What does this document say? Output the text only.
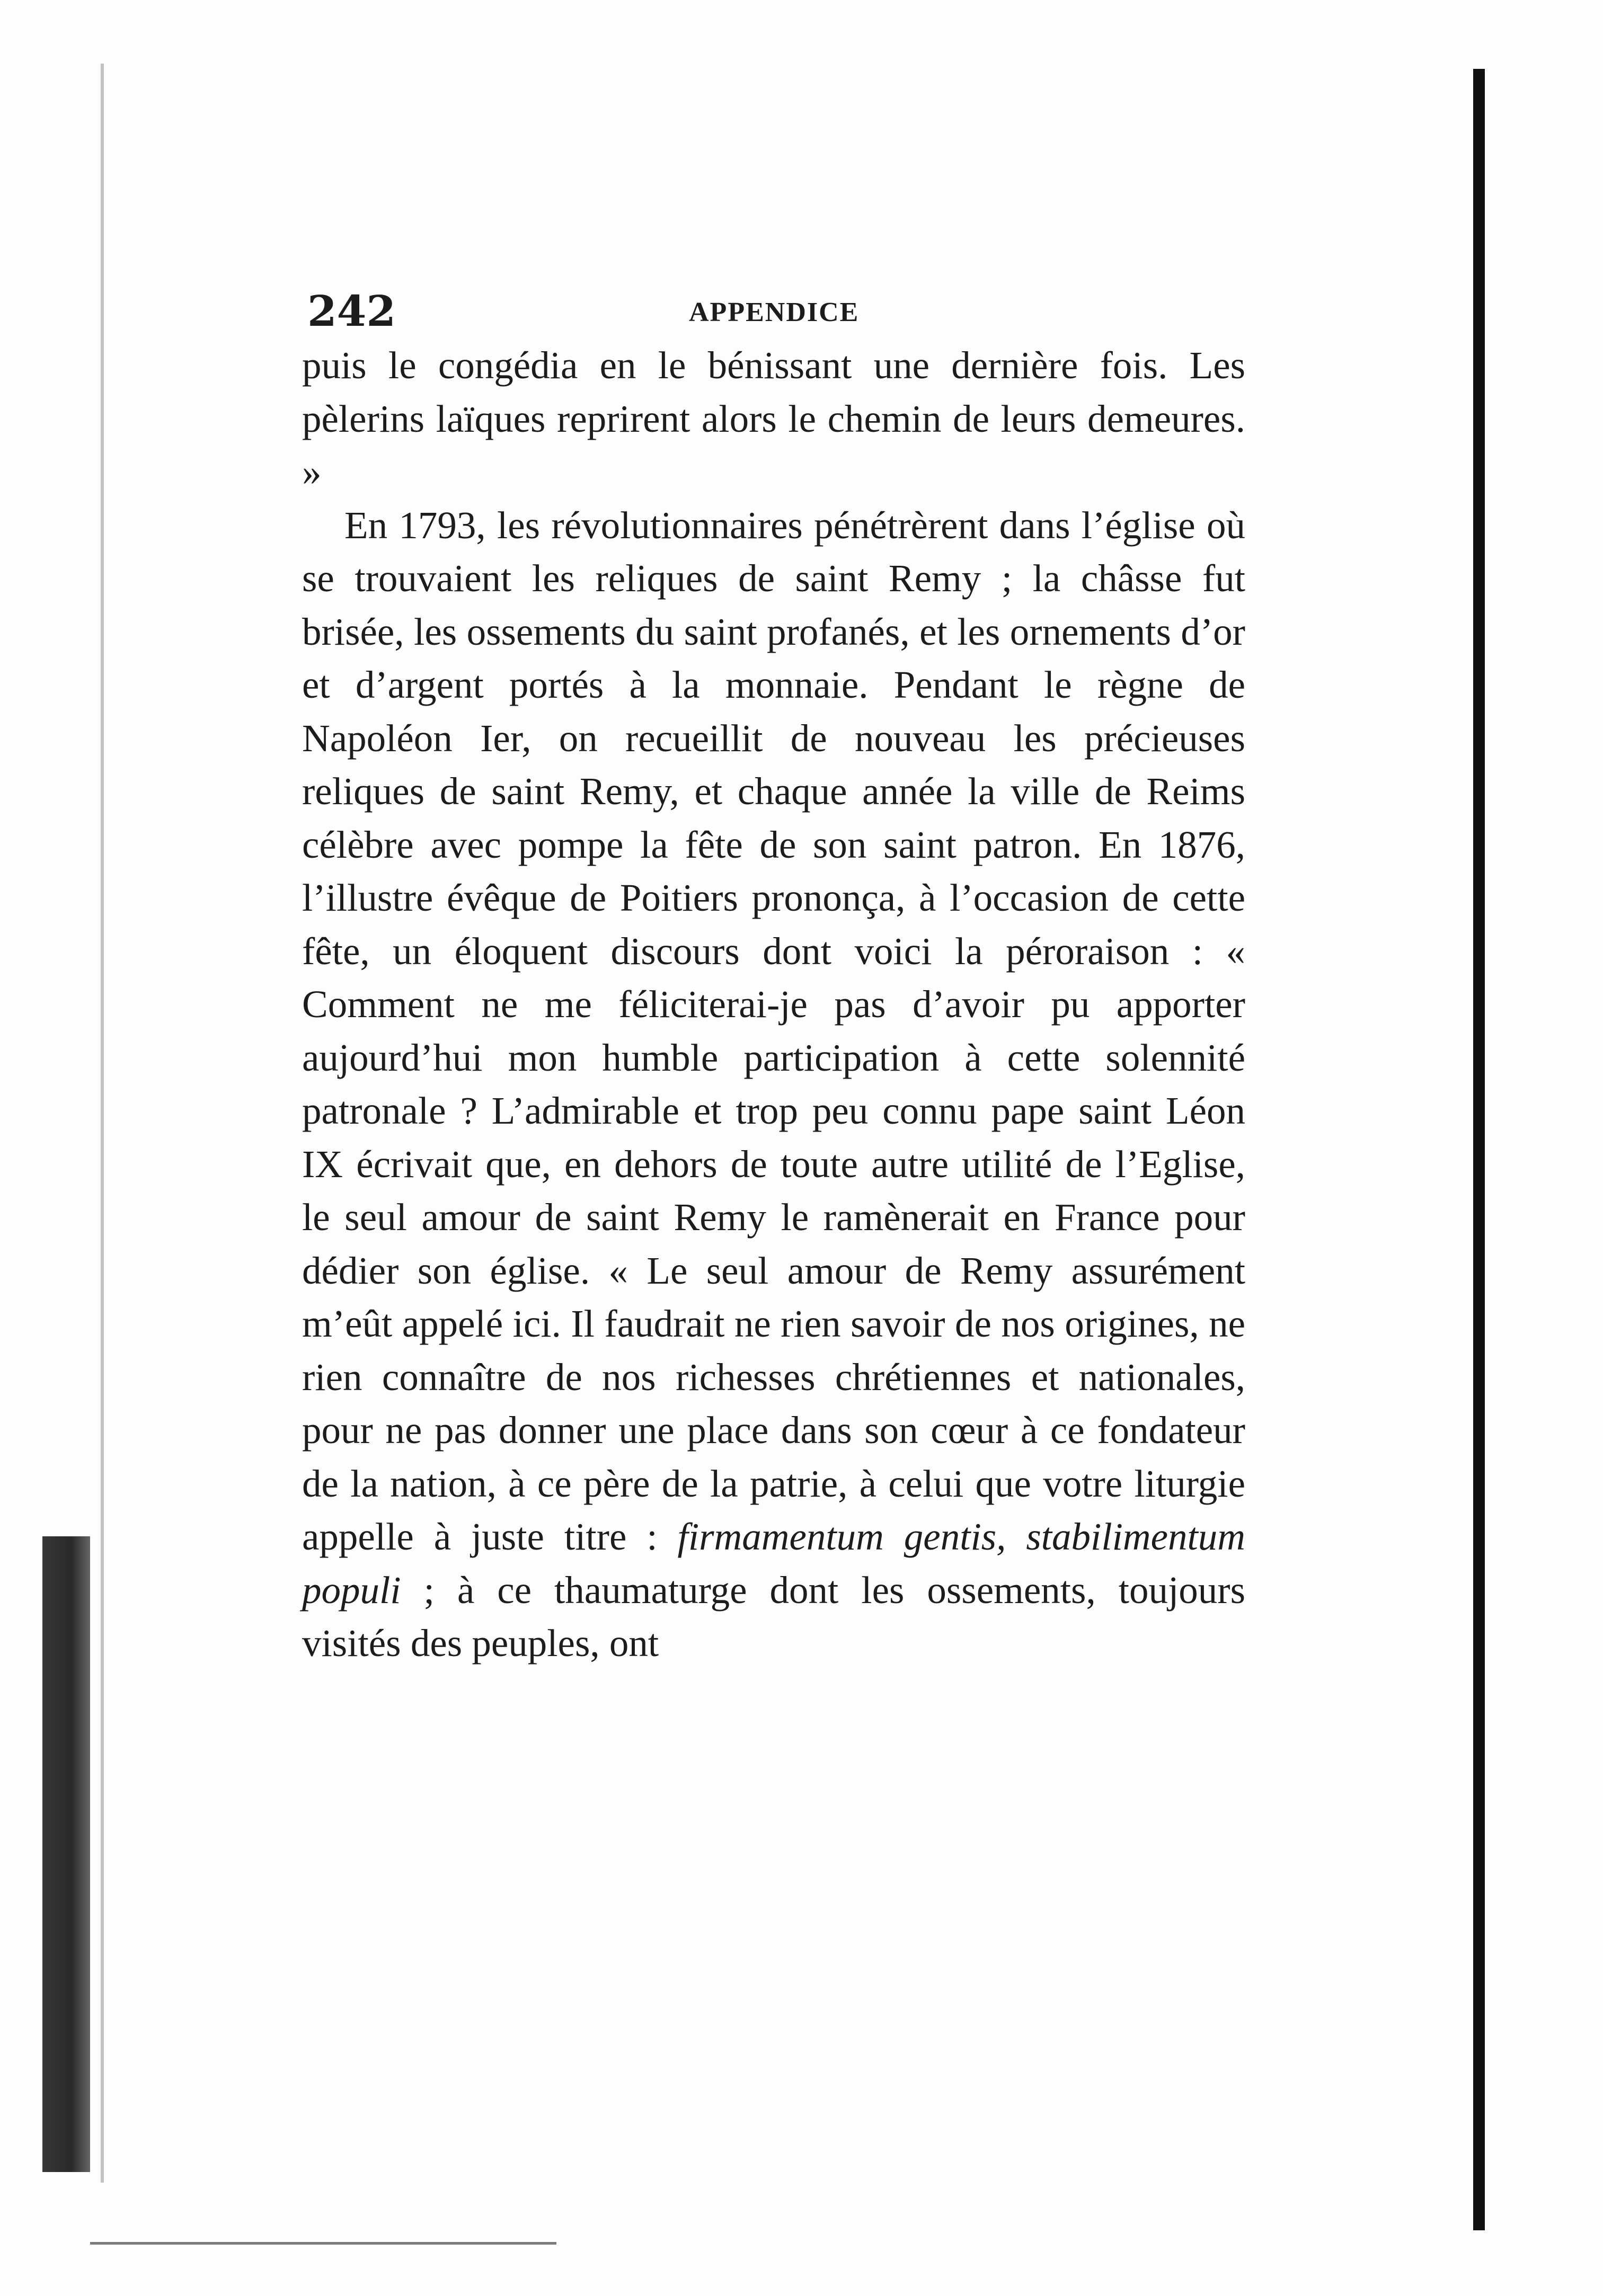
242	APPENDICE

puis le congédia en le bénissant une dernière fois. Les pèlerins laïques reprirent alors le chemin de leurs demeures. »

En 1793, les révolutionnaires pénétrèrent dans l’église où se trouvaient les reliques de saint Remy ; la châsse fut brisée, les ossements du saint profanés, et les ornements d’or et d’argent portés à la monnaie. Pendant le règne de Napoléon Ier, on recueillit de nouveau les précieuses reliques de saint Remy, et chaque année la ville de Reims célèbre avec pompe la fête de son saint patron. En 1876, l’illustre évêque de Poitiers prononça, à l’occasion de cette fête, un éloquent discours dont voici la péroraison : « Comment ne me féliciterai-je pas d’avoir pu apporter aujourd’hui mon humble participation à cette solennité patronale ? L’admirable et trop peu connu pape saint Léon IX écrivait que, en dehors de toute autre utilité de l’Eglise, le seul amour de saint Remy le ramènerait en France pour dédier son église. « Le seul amour de Remy assurément m’eût appelé ici. Il faudrait ne rien savoir de nos origines, ne rien connaître de nos richesses chrétiennes et nationales, pour ne pas donner une place dans son cœur à ce fondateur de la nation, à ce père de la patrie, à celui que votre liturgie appelle à juste titre : firmamentum gentis, stabilimentum populi ; à ce thaumaturge dont les ossements, toujours visités des peuples, ont
